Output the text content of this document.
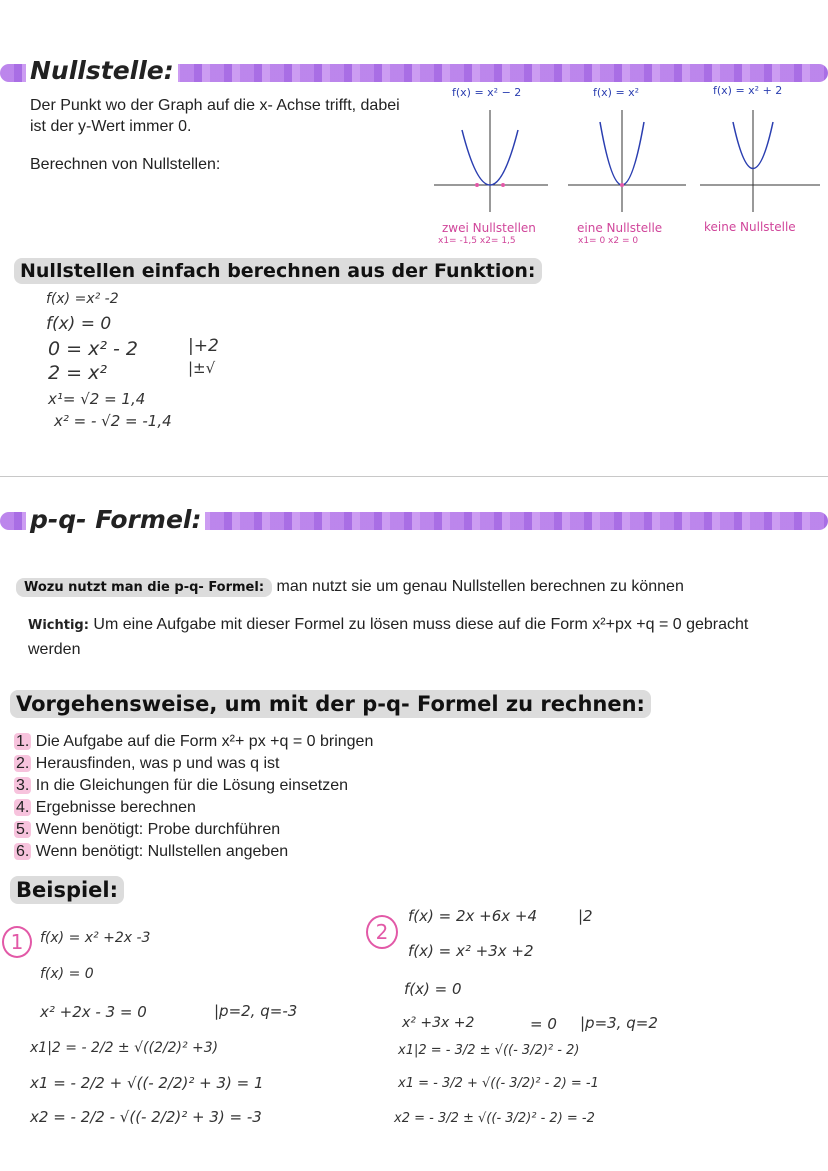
Nullstelle:
Der Punkt wo der Graph auf die x- Achse trifft, dabei ist der y-Wert immer 0.
Berechnen von Nullstellen:
f(x) = x² − 2	f(x) = x²	f(x) = x² + 2
zwei Nullstellen
x1= -1,5 x2= 1,5
eine Nullstelle
x1= 0 x2 = 0
keine Nullstelle
Nullstellen einfach berechnen aus der Funktion:
f(x) =x² -2
f(x) = 0
0 = x² - 2
2 = x²
x¹= √2 = 1,4
x² = - √2 = -1,4
|+2
|±√
p-q- Formel:
Wozu nutzt man die p-q- Formel: man nutzt sie um genau Nullstellen berechnen zu können
Wichtig: Um eine Aufgabe mit dieser Formel zu lösen muss diese auf die Form x²+px +q = 0 gebracht werden
Vorgehensweise, um mit der p-q- Formel zu rechnen:
1. Die Aufgabe auf die Form x²+ px +q = 0 bringen
2. Herausfinden, was p und was q ist
3. In die Gleichungen für die Lösung einsetzen
4. Ergebnisse berechnen
5. Wenn benötigt: Probe durchführen
6. Wenn benötigt: Nullstellen angeben
Beispiel:
1	f(x) = x² +2x -3
f(x) = 0
x² +2x - 3 = 0	|p=2, q=-3
x1|2 = - 2/2 ± √((2/2)² +3)
x1 = - 2/2 + √((- 2/2)² + 3) = 1
x2 = - 2/2 - √((- 2/2)² + 3) = -3
2
f(x) = 2x +6x +4	|2
f(x) = x² +3x +2
f(x) = 0
x² +3x +2	= 0 |p=3, q=2
x1|2 = - 3/2 ± √((- 3/2)² - 2)
x1 = - 3/2 + √((- 3/2)² - 2) = -1
x2 = - 3/2 ± √((- 3/2)² - 2) = -2
